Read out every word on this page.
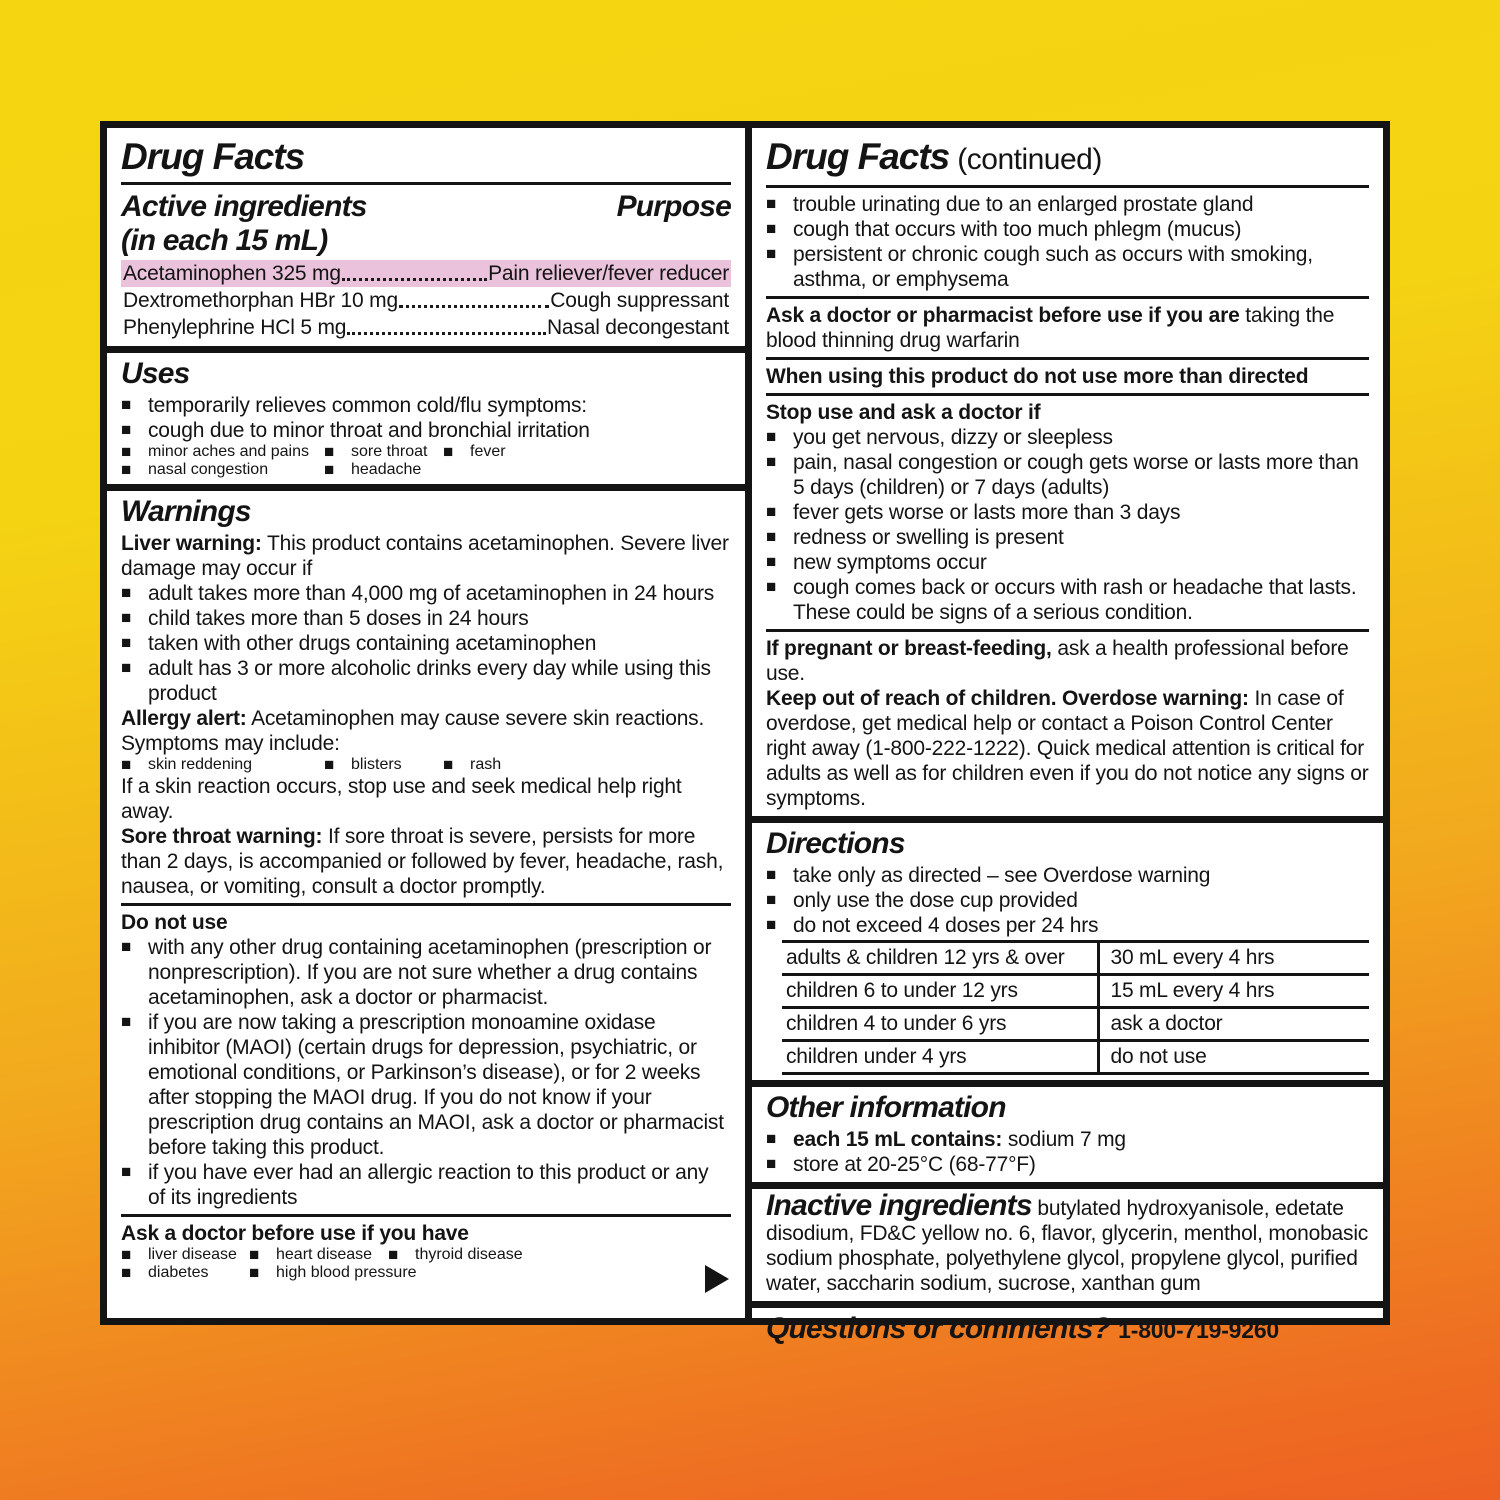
Drug Facts
Active ingredients
(in each 15 mL)
Purpose
Acetaminophen 325 mg	Pain reliever/fever reducer
Dextromethorphan HBr 10 mg	Cough suppressant
Phenylephrine HCl 5 mg	Nasal decongestant
Uses
■ temporarily relieves common cold/flu symptoms:
■ cough due to minor throat and bronchial irritation
■ minor aches and pains	■ sore throat	■ fever
■ nasal congestion	■ headache
Warnings

Liver warning: This product contains acetaminophen. Severe liver damage may occur if

■ adult takes more than 4,000 mg of acetaminophen in 24 hours
■ child takes more than 5 doses in 24 hours
■ taken with other drugs containing acetaminophen
■ adult has 3 or more alcoholic drinks every day while using this product

Allergy alert: Acetaminophen may cause severe skin reactions. Symptoms may include:

■ skin reddening	■ blisters	■ rash

If a skin reaction occurs, stop use and seek medical help right away.

Sore throat warning: If sore throat is severe, persists for more than 2 days, is accompanied or followed by fever, headache, rash, nausea, or vomiting, consult a doctor promptly.

Do not use

■ with any other drug containing acetaminophen (prescription or nonprescription). If you are not sure whether a drug contains acetaminophen, ask a doctor or pharmacist.
■ if you are now taking a prescription monoamine oxidase inhibitor (MAOI) (certain drugs for depression, psychiatric, or emotional conditions, or Parkinson’s disease), or for 2 weeks after stopping the MAOI drug. If you do not know if your prescription drug contains an MAOI, ask a doctor or pharmacist before taking this product.
■ if you have ever had an allergic reaction to this product or any of its ingredients

Ask a doctor before use if you have

■ liver disease ■ heart disease	■ thyroid disease
■ diabetes	■ high blood pressure
Drug Facts (continued)
■ trouble urinating due to an enlarged prostate gland
■ cough that occurs with too much phlegm (mucus)
■ persistent or chronic cough such as occurs with smoking, asthma, or emphysema

Ask a doctor or pharmacist before use if you are taking the blood thinning drug warfarin

When using this product do not use more than directed

Stop use and ask a doctor if

■ you get nervous, dizzy or sleepless
■ pain, nasal congestion or cough gets worse or lasts more than 5 days (children) or 7 days (adults)
■ fever gets worse or lasts more than 3 days
■ redness or swelling is present
■ new symptoms occur
■ cough comes back or occurs with rash or headache that lasts. These could be signs of a serious condition.

If pregnant or breast-feeding, ask a health professional before use.

Keep out of reach of children. Overdose warning: In case of overdose, get medical help or contact a Poison Control Center right away (1-800-222-1222). Quick medical attention is critical for adults as well as for children even if you do not notice any signs or symptoms.

Directions
■ take only as directed – see Overdose warning
■ only use the dose cup provided
■ do not exceed 4 doses per 24 hrs
adults & children 12 yrs & over	30 mL every 4 hrs
children 6 to under 12 yrs	15 mL every 4 hrs
children 4 to under 6 yrs	ask a doctor
children under 4 yrs	do not use
Other information
■ each 15 mL contains: sodium 7 mg
■ store at 20-25°C (68-77°F)

Inactive ingredients butylated hydroxyanisole, edetate disodium, FD&C yellow no. 6, flavor, glycerin, menthol, monobasic sodium phosphate, polyethylene glycol, propylene glycol, purified water, saccharin sodium, sucrose, xanthan gum

Questions or comments? 1-800-719-9260
